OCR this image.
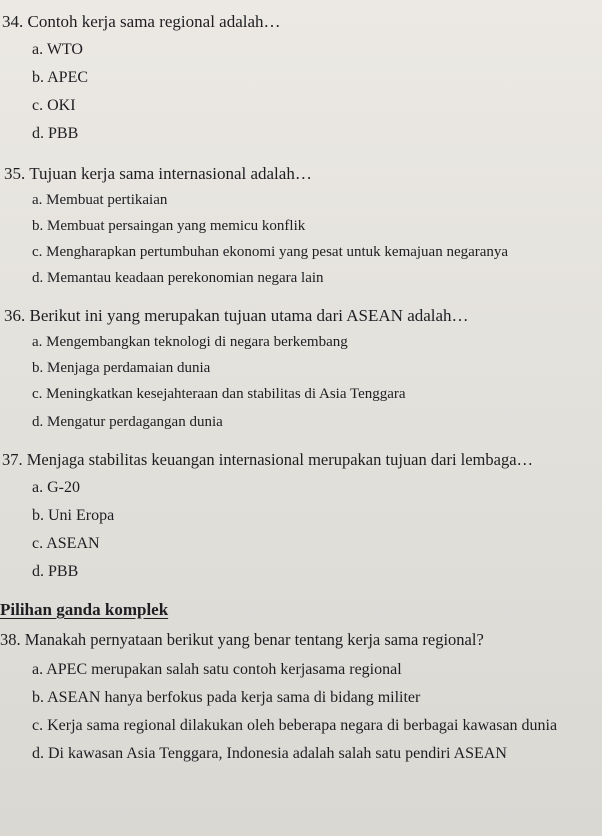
34. Contoh kerja sama regional adalah…
a. WTO
b. APEC
c. OKI
d. PBB
35. Tujuan kerja sama internasional adalah…
a. Membuat pertikaian
b. Membuat persaingan yang memicu konflik
c. Mengharapkan pertumbuhan ekonomi yang pesat untuk kemajuan negaranya
d. Memantau keadaan perekonomian negara lain
36. Berikut ini yang merupakan tujuan utama dari ASEAN adalah…
a. Mengembangkan teknologi di negara berkembang
b. Menjaga perdamaian dunia
c. Meningkatkan kesejahteraan dan stabilitas di Asia Tenggara
d. Mengatur perdagangan dunia
37. Menjaga stabilitas keuangan internasional merupakan tujuan dari lembaga…
a. G-20
b. Uni Eropa
c. ASEAN
d. PBB
Pilihan ganda komplek
38. Manakah pernyataan berikut yang benar tentang kerja sama regional?
a. APEC merupakan salah satu contoh kerjasama regional
b. ASEAN hanya berfokus pada kerja sama di bidang militer
c. Kerja sama regional dilakukan oleh beberapa negara di berbagai kawasan dunia
d. Di kawasan Asia Tenggara, Indonesia adalah salah satu pendiri ASEAN
